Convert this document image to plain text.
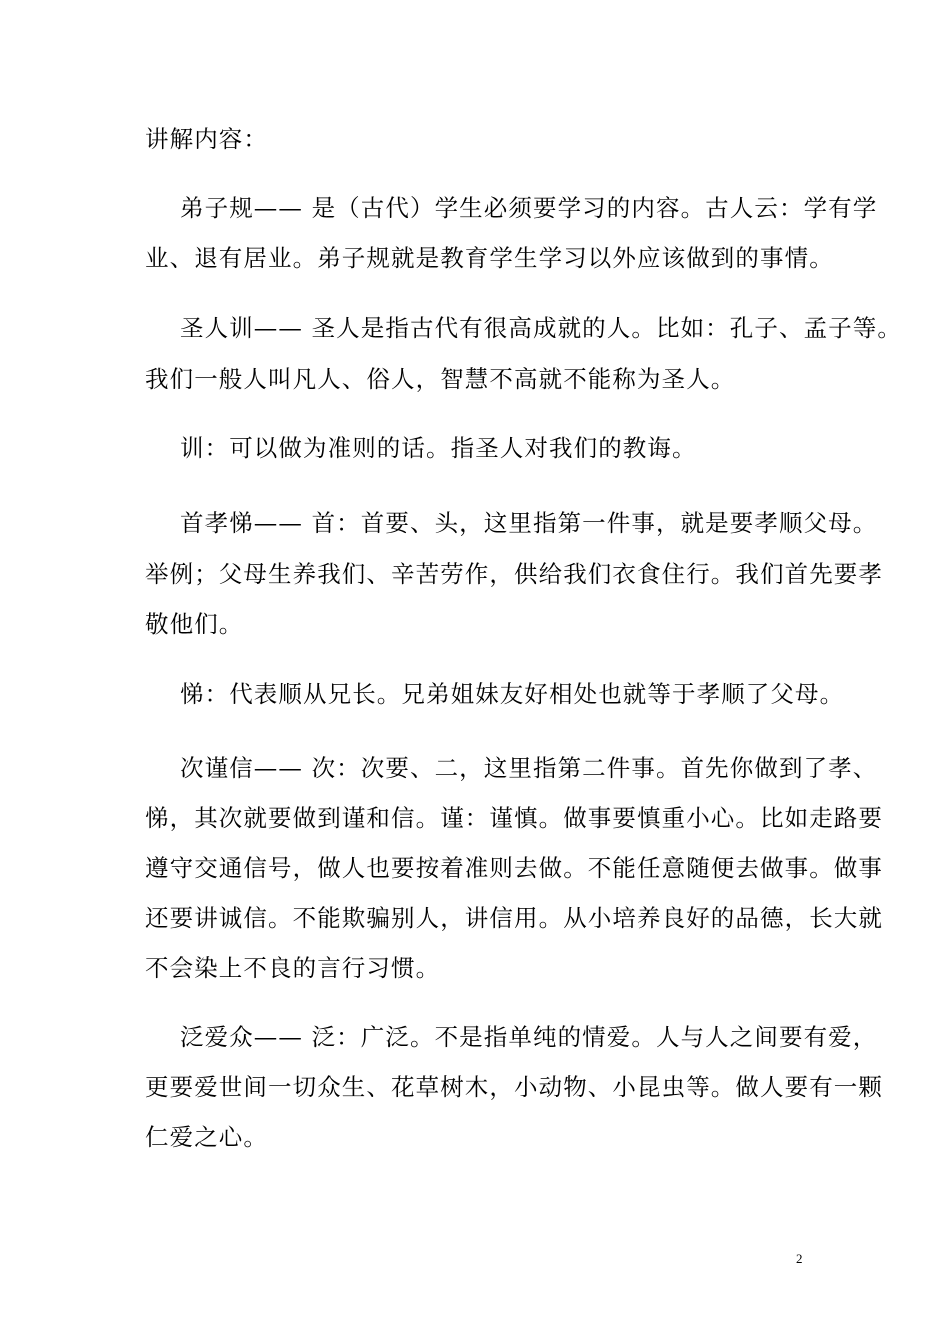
讲解内容：
弟子规—— 是（古代）学生必须要学习的内容。古人云：学有学
业、退有居业。弟子规就是教育学生学习以外应该做到的事情。
圣人训—— 圣人是指古代有很高成就的人。比如：孔子、孟子等。
我们一般人叫凡人、俗人，智慧不高就不能称为圣人。
训：可以做为准则的话。指圣人对我们的教诲。
首孝悌—— 首：首要、头，这里指第一件事，就是要孝顺父母。
举例；父母生养我们、辛苦劳作，供给我们衣食住行。我们首先要孝
敬他们。
悌：代表顺从兄长。兄弟姐妹友好相处也就等于孝顺了父母。
次谨信—— 次：次要、二，这里指第二件事。首先你做到了孝、
悌，其次就要做到谨和信。谨：谨慎。做事要慎重小心。比如走路要
遵守交通信号，做人也要按着准则去做。不能任意随便去做事。做事
还要讲诚信。不能欺骗别人，讲信用。从小培养良好的品德，长大就
不会染上不良的言行习惯。
泛爱众—— 泛：广泛。不是指单纯的情爱。人与人之间要有爱，
更要爱世间一切众生、花草树木，小动物、小昆虫等。做人要有一颗
仁爱之心。
2
